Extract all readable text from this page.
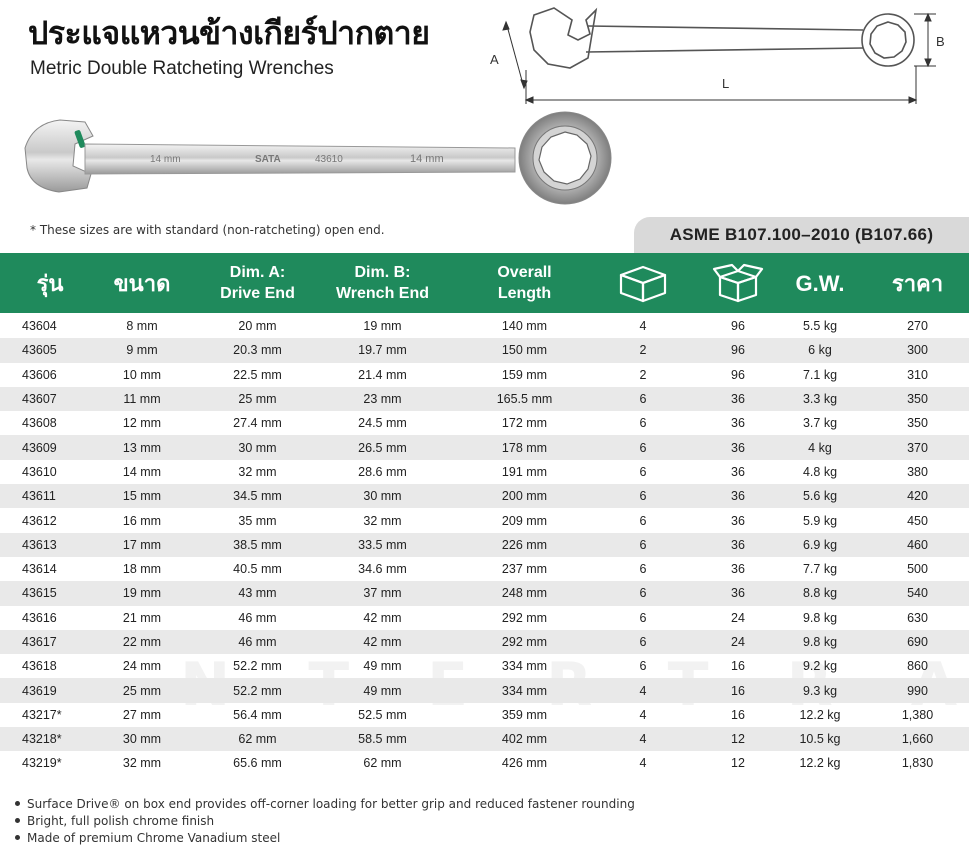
ประแจแหวนข้างเกียร์ปากตาย
Metric Double Ratcheting Wrenches	A
B
L
14 mm	SATA	43610	14 mm
* These sizes are with standard (non-ratcheting) open end.	ASME B107.100–2010 (B107.66)
รุ่น	ขนาด	Dim. A:
Drive End
Dim. B:
Wrench End
Overall
Length	G.W.	ราคา
43604	8 mm	20 mm	19 mm	140 mm	4	96	5.5 kg	270
43605	9 mm	20.3 mm	19.7 mm	150 mm	2	96	6 kg	300
43606	10 mm	22.5 mm	21.4 mm	159 mm	2	96	7.1 kg	310
43607	11 mm	25 mm	23 mm	165.5 mm	6	36	3.3 kg	350
43608	12 mm	27.4 mm	24.5 mm	172 mm	6	36	3.7 kg	350
43609	13 mm	30 mm	26.5 mm	178 mm	6	36	4 kg	370
43610	14 mm	32 mm	28.6 mm	191 mm	6	36	4.8 kg	380
43611	15 mm	34.5 mm	30 mm	200 mm	6	36	5.6 kg	420
43612	16 mm	35 mm	32 mm	209 mm	6	36	5.9 kg	450
43613	17 mm	38.5 mm	33.5 mm	226 mm	6	36	6.9 kg	460
43614	18 mm	40.5 mm	34.6 mm	237 mm	6	36	7.7 kg	500
43615	19 mm	43 mm	37 mm	248 mm	6	36	8.8 kg	540
43616	21 mm	46 mm	42 mm	292 mm	6	24	9.8 kg	630
43617	22 mm	46 mm	42 mm	292 mm	6	24	9.8 kg	690
43618	24 mm	52.2 mm	49 mm	334 mm	6	16	9.2 kg	860
43619	25 mm	52.2 mm	49 mm	334 mm	4	16	9.3 kg	990
43217*	27 mm	56.4 mm	52.5 mm	359 mm	4	16	12.2 kg	1,380
43218*	30 mm	62 mm	58.5 mm	402 mm	4	12	10.5 kg	1,660
43219*	32 mm	65.6 mm	62 mm	426 mm	4	12	12.2 kg	1,830
Surface Drive® on box end provides off-corner loading for better grip and reduced fastener rounding
Bright, full polish chrome finish
Made of premium Chrome Vanadium steel
